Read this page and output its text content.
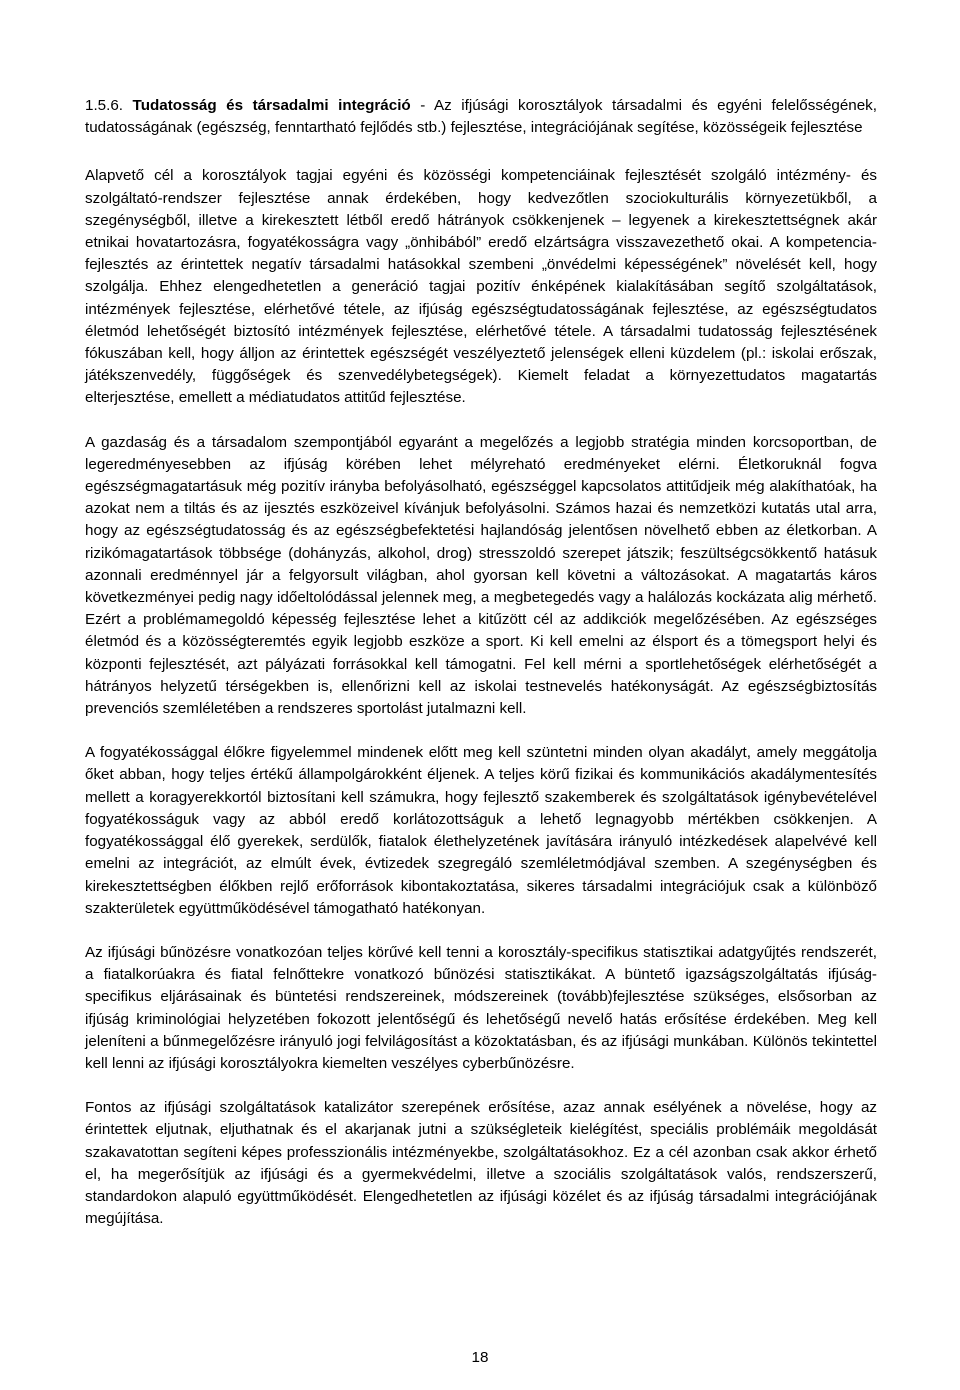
1.5.6. Tudatosság és társadalmi integráció - Az ifjúsági korosztályok társadalmi és egyéni felelősségének, tudatosságának (egészség, fenntartható fejlődés stb.) fejlesztése, integrációjának segítése, közösségeik fejlesztése

Alapvető cél a korosztályok tagjai egyéni és közösségi kompetenciáinak fejlesztését szolgáló intézmény- és szolgáltató-rendszer fejlesztése annak érdekében, hogy kedvezőtlen szociokulturális környezetükből, a szegénységből, illetve a kirekesztett létből eredő hátrányok csökkenjenek – legyenek a kirekesztettségnek akár etnikai hovatartozásra, fogyatékosságra vagy „önhibából” eredő elzártságra visszavezethető okai. A kompetencia-fejlesztés az érintettek negatív társadalmi hatásokkal szembeni „önvédelmi képességének” növelését kell, hogy szolgálja. Ehhez elengedhetetlen a generáció tagjai pozitív énképének kialakításában segítő szolgáltatások, intézmények fejlesztése, elérhetővé tétele, az ifjúság egészségtudatosságának fejlesztése, az egészségtudatos életmód lehetőségét biztosító intézmények fejlesztése, elérhetővé tétele. A társadalmi tudatosság fejlesztésének fókuszában kell, hogy álljon az érintettek egészségét veszélyeztető jelenségek elleni küzdelem (pl.: iskolai erőszak, játékszenvedély, függőségek és szenvedélybetegségek). Kiemelt feladat a környezettudatos magatartás elterjesztése, emellett a médiatudatos attitűd fejlesztése.

A gazdaság és a társadalom szempontjából egyaránt a megelőzés a legjobb stratégia minden korcsoportban, de legeredményesebben az ifjúság körében lehet mélyreható eredményeket elérni. Életkoruknál fogva egészségmagatartásuk még pozitív irányba befolyásolható, egészséggel kapcsolatos attitűdjeik még alakíthatóak, ha azokat nem a tiltás és az ijesztés eszközeivel kívánjuk befolyásolni. Számos hazai és nemzetközi kutatás utal arra, hogy az egészségtudatosság és az egészségbefektetési hajlandóság jelentősen növelhető ebben az életkorban. A rizikómagatartások többsége (dohányzás, alkohol, drog) stresszoldó szerepet játszik; feszültségcsökkentő hatásuk azonnali eredménnyel jár a felgyorsult világban, ahol gyorsan kell követni a változásokat. A magatartás káros következményei pedig nagy időeltolódással jelennek meg, a megbetegedés vagy a halálozás kockázata alig mérhető. Ezért a problémamegoldó képesség fejlesztése lehet a kitűzött cél az addikciók megelőzésében. Az egészséges életmód és a közösségteremtés egyik legjobb eszköze a sport. Ki kell emelni az élsport és a tömegsport helyi és központi fejlesztését, azt pályázati forrásokkal kell támogatni. Fel kell mérni a sportlehetőségek elérhetőségét a hátrányos helyzetű térségekben is, ellenőrizni kell az iskolai testnevelés hatékonyságát. Az egészségbiztosítás prevenciós szemléletében a rendszeres sportolást jutalmazni kell.

A fogyatékossággal élőkre figyelemmel mindenek előtt meg kell szüntetni minden olyan akadályt, amely meggátolja őket abban, hogy teljes értékű állampolgárokként éljenek. A teljes körű fizikai és kommunikációs akadálymentesítés mellett a koragyerekkortól biztosítani kell számukra, hogy fejlesztő szakemberek és szolgáltatások igénybevételével fogyatékosságuk vagy az abból eredő korlátozottságuk a lehető legnagyobb mértékben csökkenjen. A fogyatékossággal élő gyerekek, serdülők, fiatalok élethelyzetének javítására irányuló intézkedések alapelvévé kell emelni az integrációt, az elmúlt évek, évtizedek szegregáló szemléletmódjával szemben. A szegénységben és kirekesztettségben élőkben rejlő erőforrások kibontakoztatása, sikeres társadalmi integrációjuk csak a különböző szakterületek együttműködésével támogatható hatékonyan.

Az ifjúsági bűnözésre vonatkozóan teljes körűvé kell tenni a korosztály-specifikus statisztikai adatgyűjtés rendszerét, a fiatalkorúakra és fiatal felnőttekre vonatkozó bűnözési statisztikákat. A büntető igazságszolgáltatás ifjúság-specifikus eljárásainak és büntetési rendszereinek, módszereinek (tovább)fejlesztése szükséges, elsősorban az ifjúság kriminológiai helyzetében fokozott jelentőségű és lehetőségű nevelő hatás erősítése érdekében. Meg kell jeleníteni a bűnmegelőzésre irányuló jogi felvilágosítást a közoktatásban, és az ifjúsági munkában. Különös tekintettel kell lenni az ifjúsági korosztályokra kiemelten veszélyes cyberbűnözésre.

Fontos az ifjúsági szolgáltatások katalizátor szerepének erősítése, azaz annak esélyének a növelése, hogy az érintettek eljutnak, eljuthatnak és el akarjanak jutni a szükségleteik kielégítést, speciális problémáik megoldását szakavatottan segíteni képes professzionális intézményekbe, szolgáltatásokhoz. Ez a cél azonban csak akkor érhető el, ha megerősítjük az ifjúsági és a gyermekvédelmi, illetve a szociális szolgáltatások valós, rendszerszerű, standardokon alapuló együttműködését. Elengedhetetlen az ifjúsági közélet és az ifjúság társadalmi integrációjának megújítása.

18
